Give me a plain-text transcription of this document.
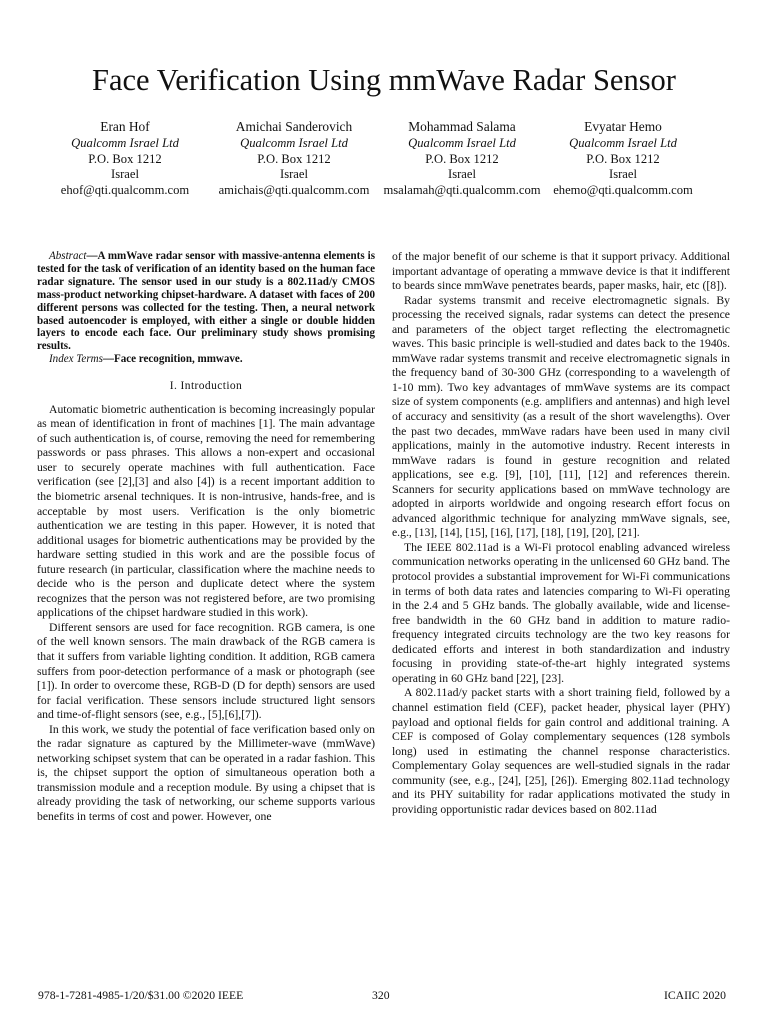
Face Verification Using mmWave Radar Sensor
Eran Hof
Qualcomm Israel Ltd
P.O. Box 1212
Israel
ehof@qti.qualcomm.com
Amichai Sanderovich
Qualcomm Israel Ltd
P.O. Box 1212
Israel
amichais@qti.qualcomm.com
Mohammad Salama
Qualcomm Israel Ltd
P.O. Box 1212
Israel
msalamah@qti.qualcomm.com
Evyatar Hemo
Qualcomm Israel Ltd
P.O. Box 1212
Israel
ehemo@qti.qualcomm.com

Abstract—A mmWave radar sensor with massive-antenna elements is tested for the task of verification of an identity based on the human face radar signature. The sensor used in our study is a 802.11ad/y CMOS mass-product networking chipset-hardware. A dataset with faces of 200 different persons was collected for the testing. Then, a neural network based autoencoder is employed, with either a single or double hidden layers to encode each face. Our preliminary study shows promising results.

Index Terms—Face recognition, mmwave.

I. Introduction

Automatic biometric authentication is becoming increasingly popular as mean of identification in front of machines [1]. The main advantage of such authentication is, of course, removing the need for remembering passwords or pass phrases. This allows a non-expert and occasional user to securely operate machines with full authentication. Face verification (see [2],[3] and also [4]) is a recent important addition to the biometric arsenal techniques. It is non-intrusive, hands-free, and is acceptable by most users. Verification is the only biometric authentication we are testing in this paper. However, it is noted that additional usages for biometric authentications may be provided by the hardware setting studied in this work and are the possible focus of future research (in particular, classification where the machine needs to decide who is the person and duplicate detect where the system recognizes that the person was not registered before, are two promising applications of the chipset hardware studied in this work).

Different sensors are used for face recognition. RGB camera, is one of the well known sensors. The main drawback of the RGB camera is that it suffers from variable lighting condition. It addition, RGB camera suffers from poor-detection performance of a mask or photograph (see [1]). In order to overcome these, RGB-D (D for depth) sensors are used for facial verification. These sensors include structured light sensors and time-of-flight sensors (see, e.g., [5],[6],[7]).

In this work, we study the potential of face verification based only on the radar signature as captured by the Millimeter-wave (mmWave) networking schipset system that can be operated in a radar fashion. This is, the chipset support the option of simultaneous operation both a transmission module and a reception module. By using a chipset that is already providing the task of networking, our scheme supports various benefits in terms of cost and power. However, one

of the major benefit of our scheme is that it support privacy. Additional important advantage of operating a mmwave device is that it indifferent to beards since mmWave penetrates beards, paper masks, hair, etc ([8]).

Radar systems transmit and receive electromagnetic signals. By processing the received signals, radar systems can detect the presence and parameters of the object target reflecting the electromagnetic waves. This basic principle is well-studied and dates back to the 1940s. mmWave radar systems transmit and receive electromagnetic signals in the frequency band of 30-300 GHz (corresponding to a wavelength of 1-10 mm). Two key advantages of mmWave systems are its compact size of system components (e.g. amplifiers and antennas) and high level of accuracy and sensitivity (as a result of the short wavelengths). Over the past two decades, mmWave radars have been used in many civil applications, mainly in the automotive industry. Recent interests in mmWave radars is found in gesture recognition and related applications, see e.g. [9], [10], [11], [12] and references therein. Scanners for security applications based on mmWave technology are adopted in airports worldwide and ongoing research effort focus on advanced algorithmic technique for analyzing mmWave signals, see, e.g., [13], [14], [15], [16], [17], [18], [19], [20], [21].

The IEEE 802.11ad is a Wi-Fi protocol enabling advanced wireless communication networks operating in the unlicensed 60 GHz band. The protocol provides a substantial improvement for Wi-Fi communications in terms of both data rates and latencies comparing to Wi-Fi operating in the 2.4 and 5 GHz bands. The globally available, wide and license-free bandwidth in the 60 GHz band in addition to mature radio-frequency integrated circuits technology are the two key reasons for dedicated efforts and interest in both standardization and industry focusing in providing state-of-the-art highly integrated systems operating in 60 GHz band [22], [23].

A 802.11ad/y packet starts with a short training field, followed by a channel estimation field (CEF), packet header, physical layer (PHY) payload and optional fields for gain control and additional training. A CEF is composed of Golay complementary sequences (128 symbols long) used in estimating the channel response characteristics. Complementary Golay sequences are well-studied signals in the radar community (see, e.g., [24], [25], [26]). Emerging 802.11ad technology and its PHY suitability for radar applications motivated the study in providing opportunistic radar devices based on 802.11ad

978-1-7281-4985-1/20/$31.00 ©2020 IEEE	320	ICAIIC 2020
